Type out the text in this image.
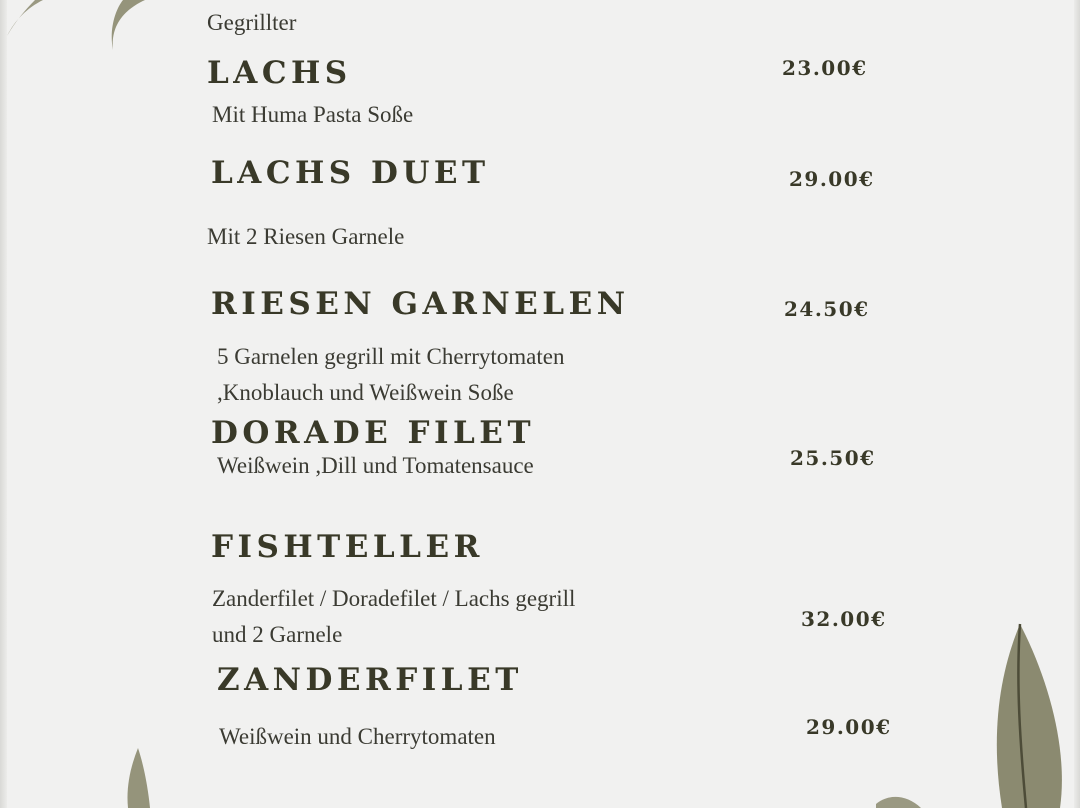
Gegrillter
LACHS	23.00€
Mit Huma Pasta Soße
LACHS DUET	29.00€
Mit 2 Riesen Garnele
RIESEN GARNELEN	24.50€
5 Garnelen gegrill mit Cherrytomaten
,Knoblauch und Weißwein Soße
DORADE FILET
25.50€
Weißwein ,Dill und Tomatensauce
FISHTELLER
Zanderfilet / Doradefilet / Lachs gegrill
32.00€
und 2 Garnele
ZANDERFILET
29.00€
Weißwein und Cherrytomaten
